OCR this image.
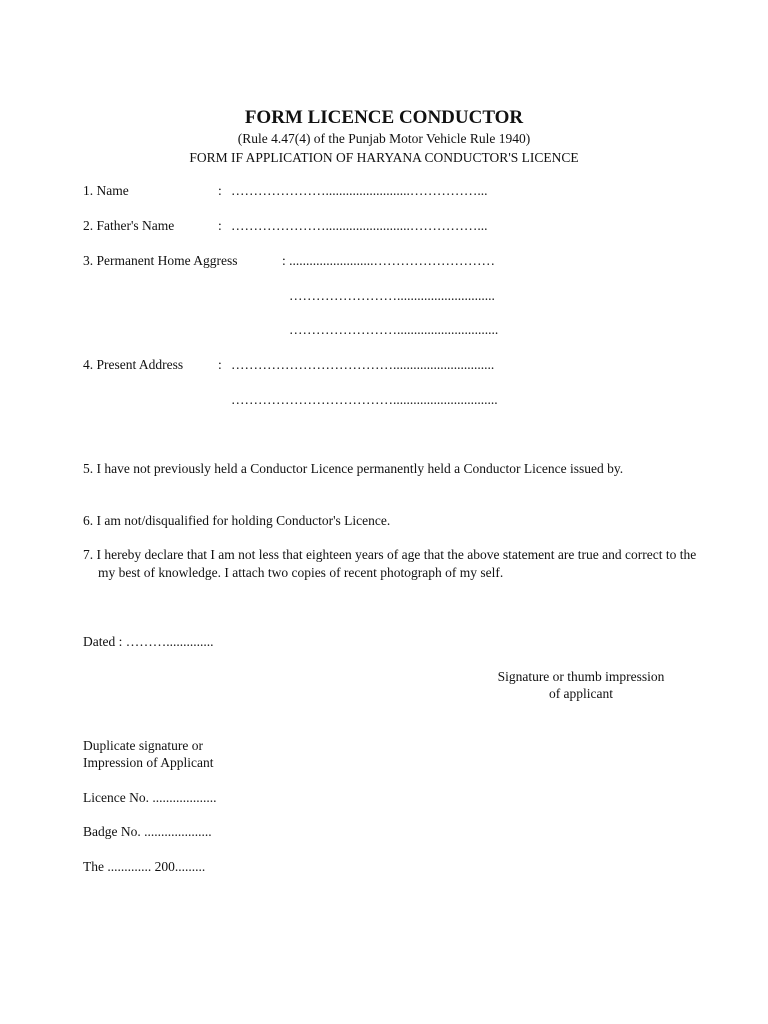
FORM LICENCE CONDUCTOR
(Rule 4.47(4) of the Punjab Motor Vehicle Rule 1940)
FORM IF APPLICATION OF HARYANA CONDUCTOR'S LICENCE
1. Name	: ………………….........................……………...
2. Father's Name	: ………………….........................……………...
3. Permanent Home Aggress	: .........................………………………
…………………….............................
……………………..............................
4. Present Address	: ………………………………..............................
………………………………...............................
5. I have not previously held a Conductor Licence permanently held a Conductor Licence issued by.
6. I am not/disqualified for holding Conductor's Licence.
7. I hereby declare that I am not less that eighteen years of age that the above statement are true and correct to the my best of knowledge. I attach two copies of recent photograph of my self.
Dated : ………..............
Signature or thumb impression
of applicant
Duplicate signature or
Impression of Applicant
Licence No. ...................
Badge No. ....................
The ............. 200.........
